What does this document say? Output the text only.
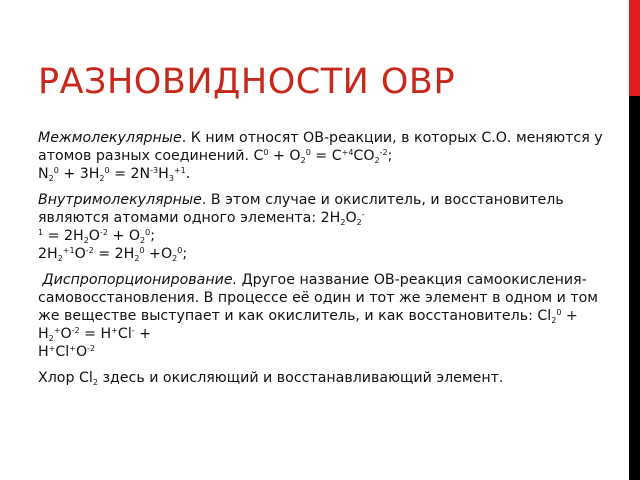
РАЗНОВИДНОСТИ ОВР

Межмолекулярные. К ним относят ОВ-реакции, в которых С.О. меняются у атомов разных соединений. $С^0 + О_2^0 = С^{+4}СО_2^{-2}$;
$N_2^0 + 3H_2^0 = 2N^{-3}H_3^{+1}$.

Внутримолекулярные. В этом случае и окислитель, и восстановитель являются атомами одного элемента: $2H_2O_2^-$
$^1 = 2H_2O^{-2} + O_2^0$;
$2H_2^{+1}O^{-2} = 2H_2^0 +O_2^0$;

Диспропорционирование. Другое название ОВ-реакция самоокисления-самовосстановления. В процессе её один и тот же элемент в одном и том же веществе выступает и как окислитель, и как восстановитель: $Cl_2^0 + H_2^+O^{-2} = H^+Cl^-$ +
$H^+Cl^+O^{-2}$

Хлор $Cl_2$ здесь и окисляющий и восстанавливающий элемент.
